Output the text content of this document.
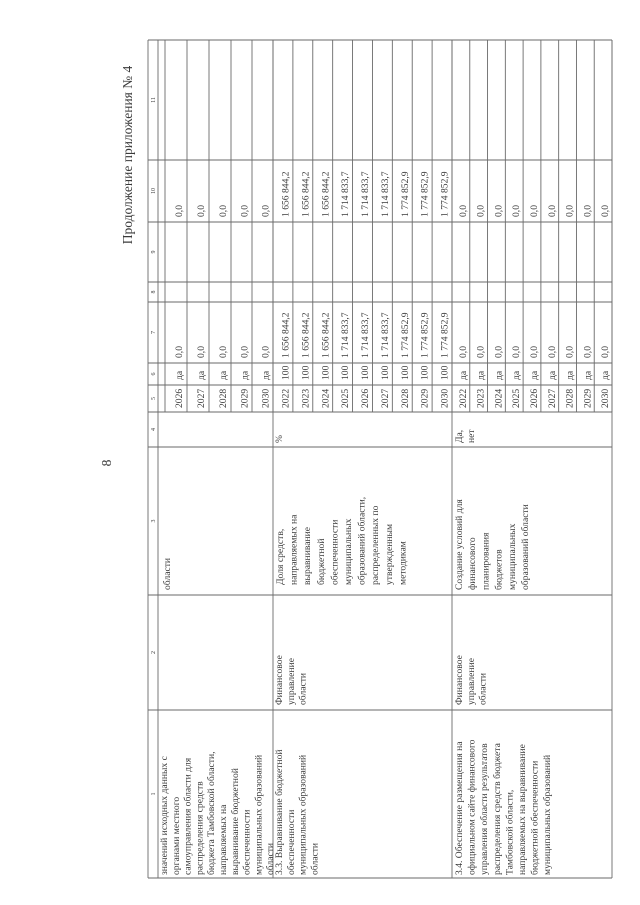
8
Продолжение приложения № 4
1
2
3
4
5
6
7
8
9
10
11
значений исходных данных с органами местного самоуправления области для распределения средств бюджета Тамбовской области, направляемых на выравнивание бюджетной обеспеченности муниципальных образований области
области
2026
да
0,0
0,0
2027
да
0,0
0,0
2028
да
0,0
0,0
2029
да
0,0
0,0
2030
да
0,0
0,0
3.3. Выравнивание бюджетной обеспеченности муниципальных образований области
Финансовое управление области
Доля средств, направляемых на выравнивание бюджетной обеспеченности муниципальных образований области, распределенных по утвержденным методикам
%
2022
100
1 656 844,2
1 656 844,2
2023
100
1 656 844,2
1 656 844,2
2024
100
1 656 844,2
1 656 844,2
2025
100
1 714 833,7
1 714 833,7
2026
100
1 714 833,7
1 714 833,7
2027
100
1 714 833,7
1 714 833,7
2028
100
1 774 852,9
1 774 852,9
2029
100
1 774 852,9
1 774 852,9
2030
100
1 774 852,9
1 774 852,9
3.4. Обеспечение размещения на официальном сайте финансового управления области результатов распределения средств бюджета Тамбовской области, направляемых на выравнивание бюджетной обеспеченности муниципальных образований
Финансовое управление области
Создание условий для финансового планирования бюджетов муниципальных образований области
Да, нет
2022
да
0,0
0,0
2023
да
0,0
0,0
2024
да
0,0
0,0
2025
да
0,0
0,0
2026
да
0,0
0,0
2027
да
0,0
0,0
2028
да
0,0
0,0
2029
да
0,0
0,0
2030
да
0,0
0,0
